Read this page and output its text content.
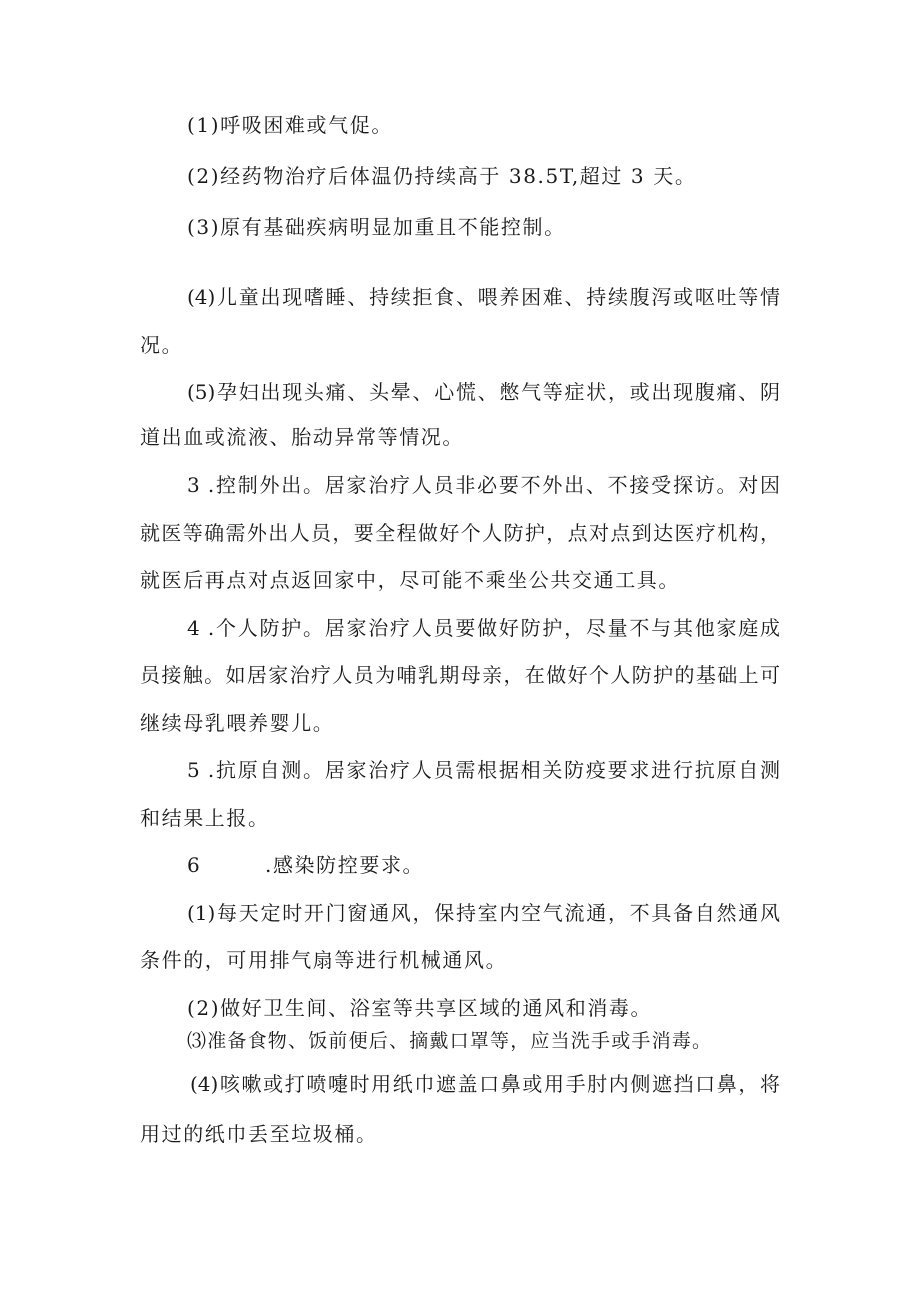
(1)呼吸困难或气促。
(2)经药物治疗后体温仍持续高于 38.5T,超过 3 天。
(3)原有基础疾病明显加重且不能控制。
(4)儿童出现嗜睡、持续拒食、喂养困难、持续腹泻或呕吐等情
况。
(5)孕妇出现头痛、头晕、心慌、憋气等症状，或出现腹痛、阴
道出血或流液、胎动异常等情况。
3 .控制外出。居家治疗人员非必要不外出、不接受探访。对因
就医等确需外出人员，要全程做好个人防护，点对点到达医疗机构，
就医后再点对点返回家中，尽可能不乘坐公共交通工具。
4 .个人防护。居家治疗人员要做好防护，尽量不与其他家庭成
员接触。如居家治疗人员为哺乳期母亲，在做好个人防护的基础上可
继续母乳喂养婴儿。
5 .抗原自测。居家治疗人员需根据相关防疫要求进行抗原自测
和结果上报。
6        .感染防控要求。
(1)每天定时开门窗通风，保持室内空气流通，不具备自然通风
条件的，可用排气扇等进行机械通风。
(2)做好卫生间、浴室等共享区域的通风和消毒。
⑶准备食物、饭前便后、摘戴口罩等，应当洗手或手消毒。
(4)咳嗽或打喷嚏时用纸巾遮盖口鼻或用手肘内侧遮挡口鼻，将
用过的纸巾丢至垃圾桶。
